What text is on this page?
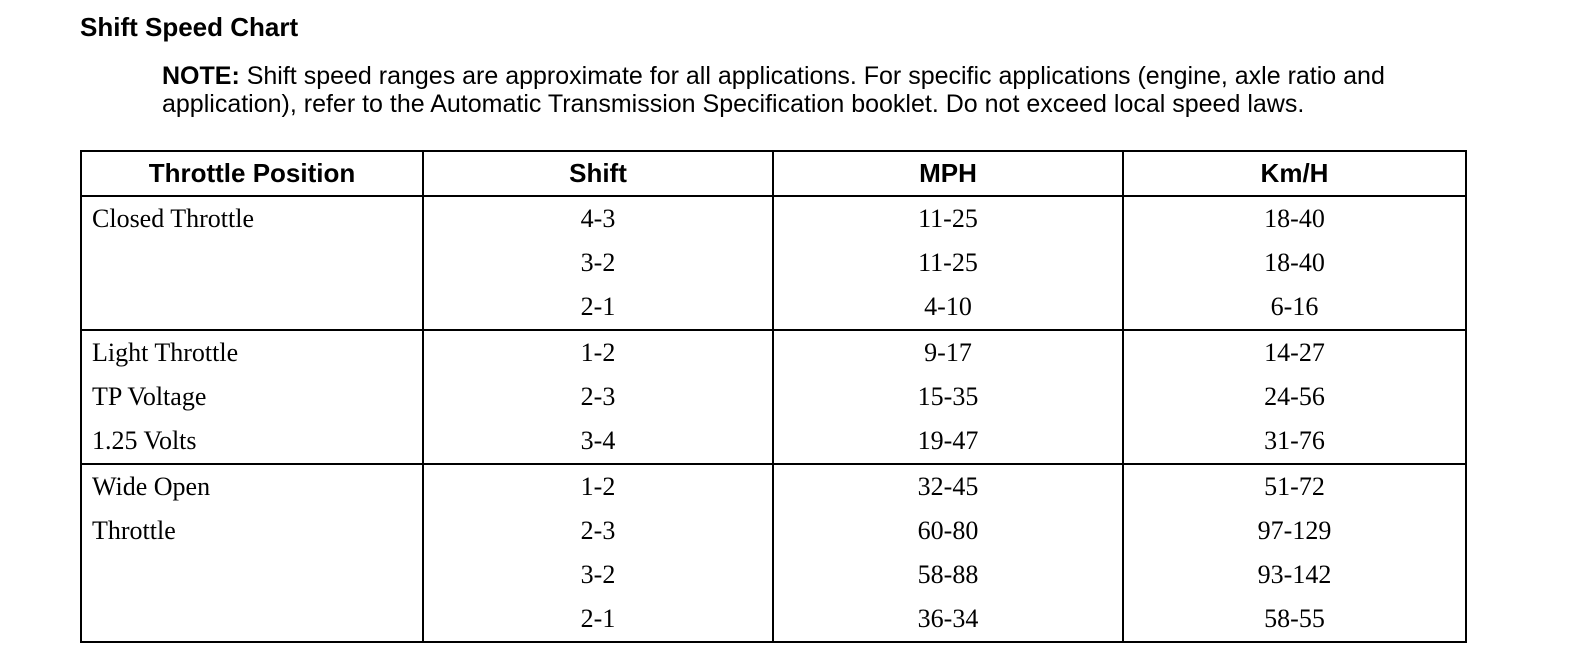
Shift Speed Chart
NOTE: Shift speed ranges are approximate for all applications. For specific applications (engine, axle ratio and application), refer to the Automatic Transmission Specification booklet. Do not exceed local speed laws.
Throttle Position	Shift	MPH	Km/H
Closed Throttle	4-3	11-25	18-40
	3-2	11-25	18-40
	2-1	4-10	6-16
Light Throttle	1-2	9-17	14-27
TP Voltage	2-3	15-35	24-56
1.25 Volts	3-4	19-47	31-76
Wide Open	1-2	32-45	51-72
Throttle	2-3	60-80	97-129
	3-2	58-88	93-142
	2-1	36-34	58-55
